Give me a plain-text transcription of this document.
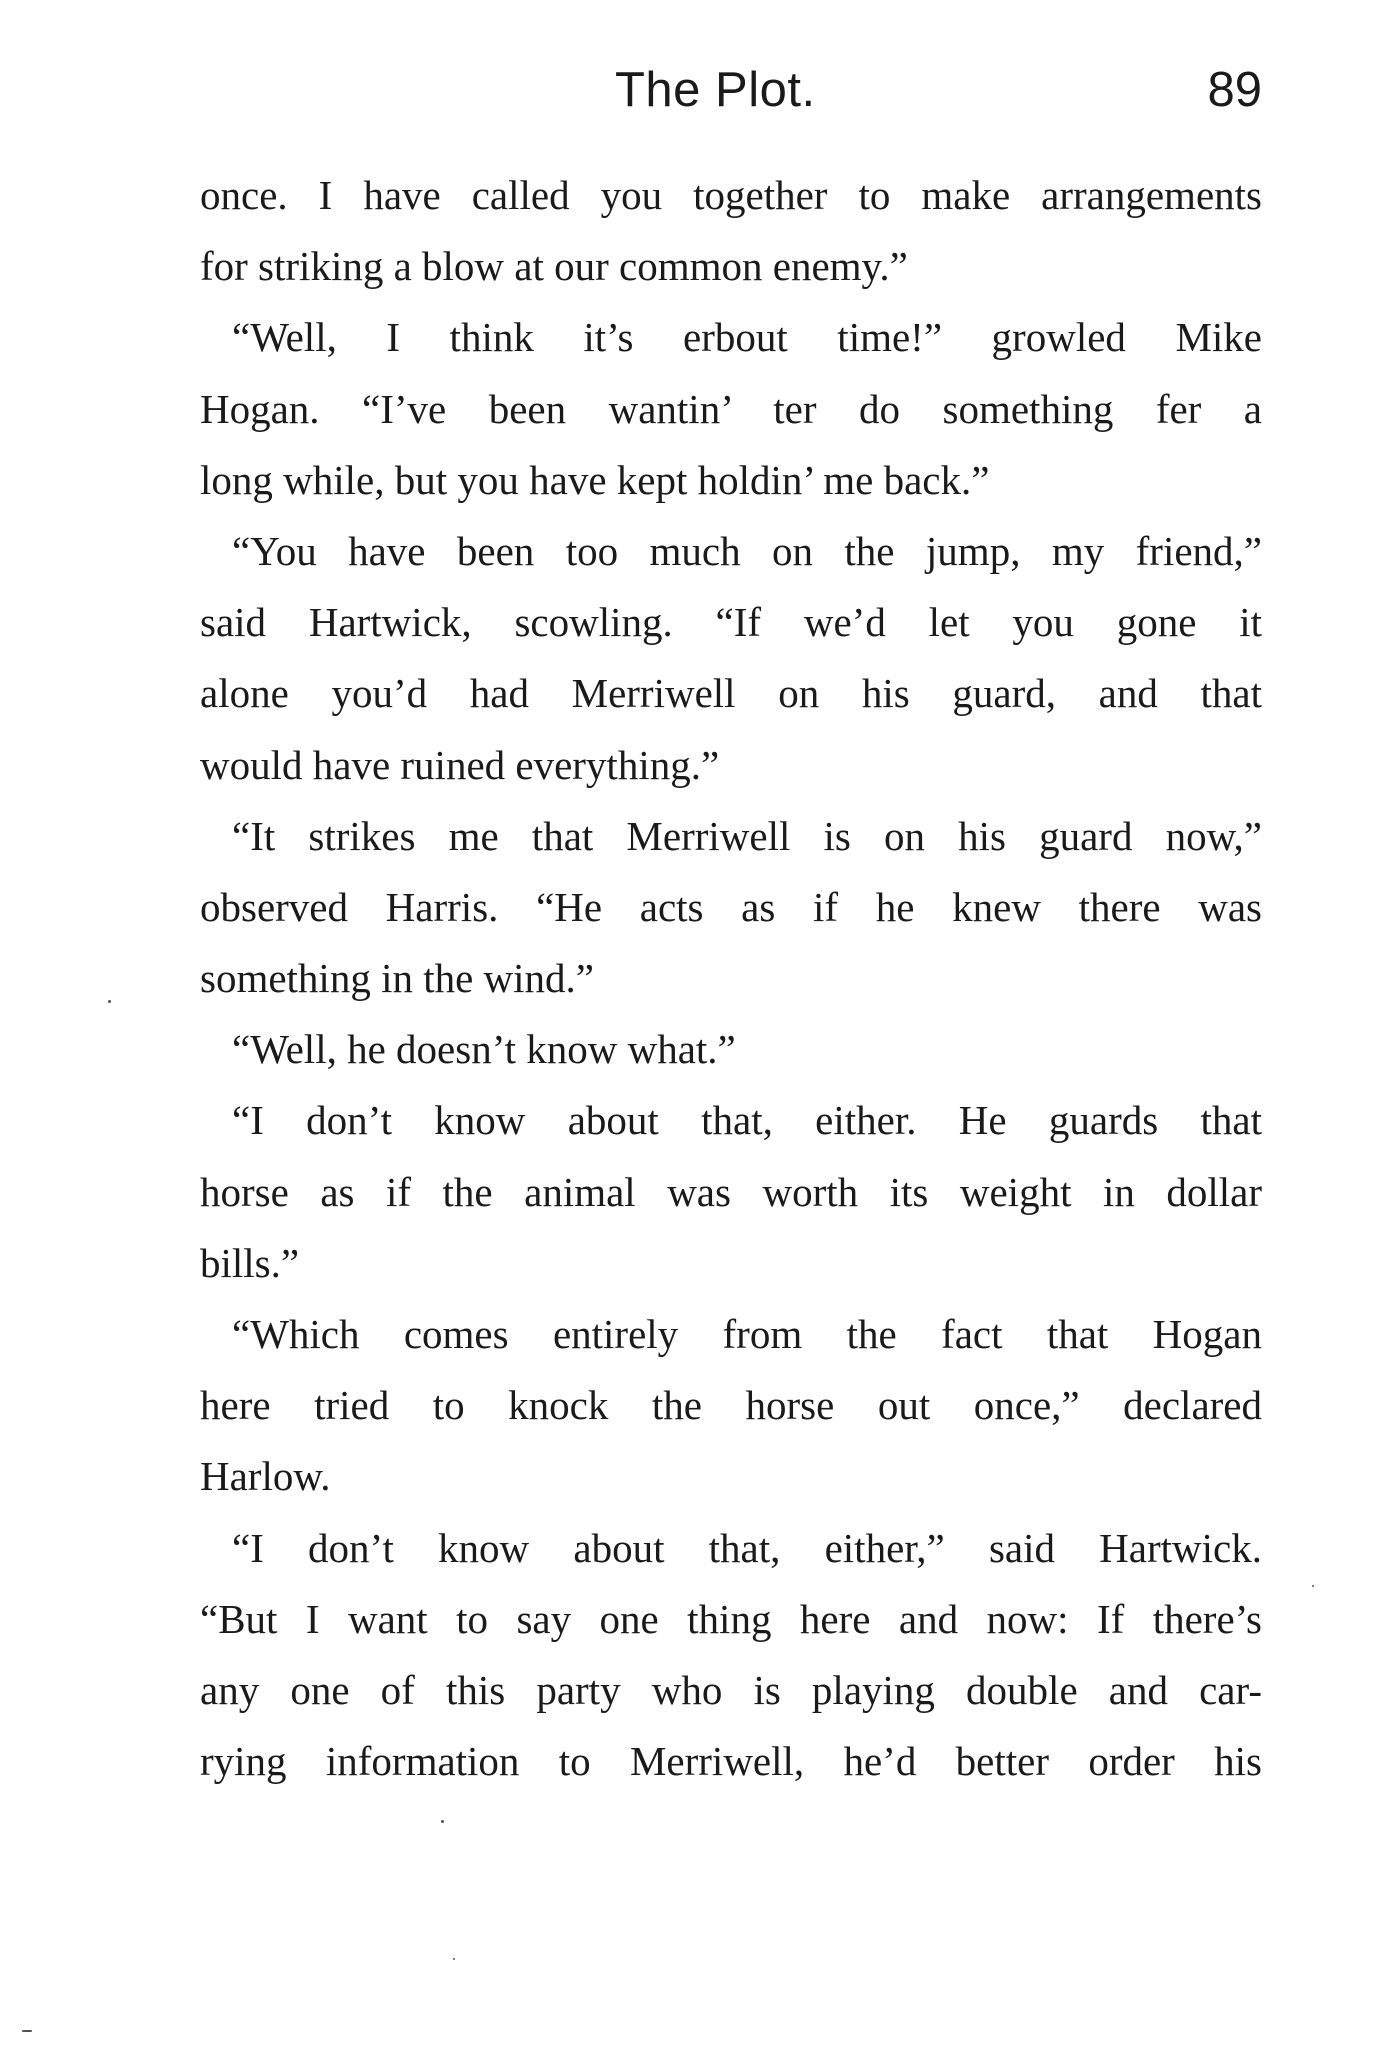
The Plot.	89
once. I have called you together to make arrangements
for striking a blow at our common enemy.”
“Well, I think it’s erbout time!” growled Mike
Hogan. “I’ve been wantin’ ter do something fer a
long while, but you have kept holdin’ me back.”
“You have been too much on the jump, my friend,”
said Hartwick, scowling. “If we’d let you gone it
alone you’d had Merriwell on his guard, and that
would have ruined everything.”
“It strikes me that Merriwell is on his guard now,”
observed Harris. “He acts as if he knew there was
something in the wind.”
“Well, he doesn’t know what.”
“I don’t know about that, either. He guards that
horse as if the animal was worth its weight in dollar
bills.”
“Which comes entirely from the fact that Hogan
here tried to knock the horse out once,” declared
Harlow.
“I don’t know about that, either,” said Hartwick.
“But I want to say one thing here and now: If there’s
any one of this party who is playing double and car-
rying information to Merriwell, he’d better order his
